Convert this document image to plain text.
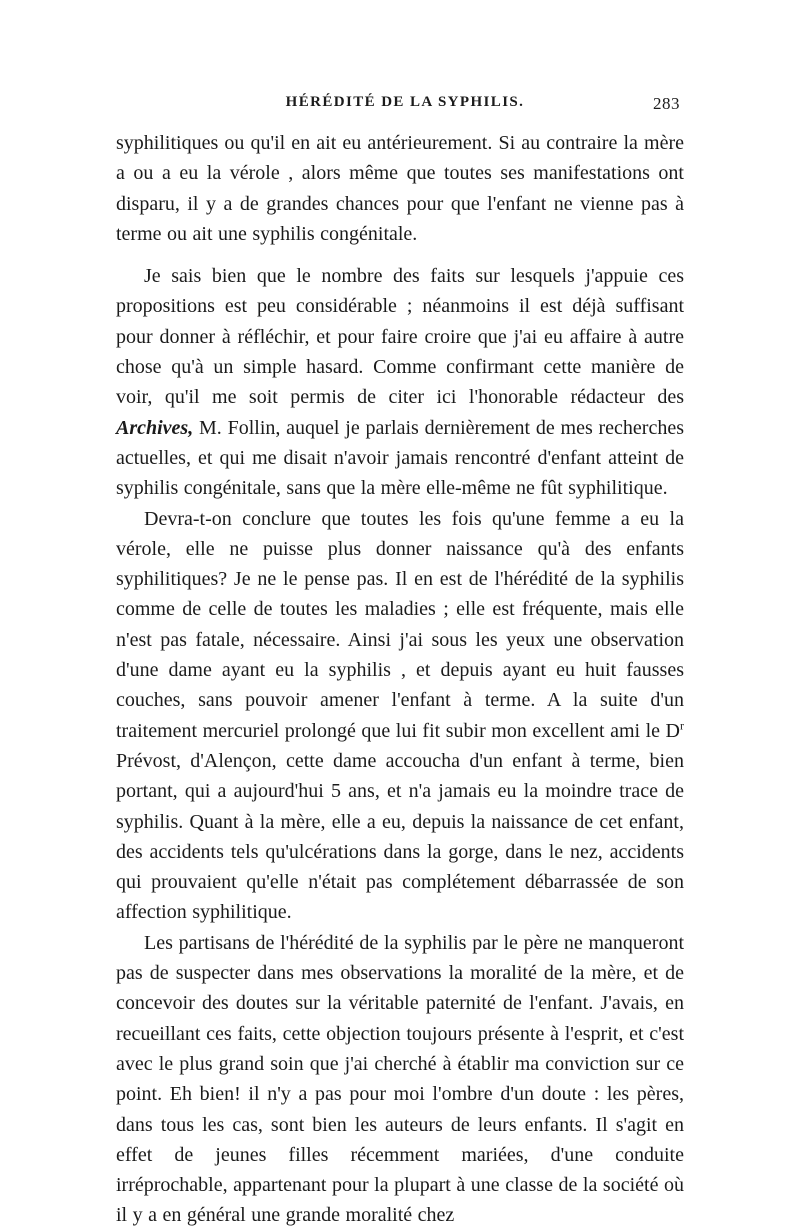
HÉRÉDITÉ DE LA SYPHILIS.	283

syphilitiques ou qu'il en ait eu antérieurement. Si au contraire la mère a ou a eu la vérole , alors même que toutes ses manifestations ont disparu, il y a de grandes chances pour que l'enfant ne vienne pas à terme ou ait une syphilis congénitale.

Je sais bien que le nombre des faits sur lesquels j'appuie ces propositions est peu considérable ; néanmoins il est déjà suffisant pour donner à réfléchir, et pour faire croire que j'ai eu affaire à autre chose qu'à un simple hasard. Comme confirmant cette manière de voir, qu'il me soit permis de citer ici l'honorable rédacteur des Archives, M. Follin, auquel je parlais dernièrement de mes recherches actuelles, et qui me disait n'avoir jamais rencontré d'enfant atteint de syphilis congénitale, sans que la mère elle-même ne fût syphilitique.

Devra-t-on conclure que toutes les fois qu'une femme a eu la vérole, elle ne puisse plus donner naissance qu'à des enfants syphilitiques? Je ne le pense pas. Il en est de l'hérédité de la syphilis comme de celle de toutes les maladies ; elle est fréquente, mais elle n'est pas fatale, nécessaire. Ainsi j'ai sous les yeux une observation d'une dame ayant eu la syphilis , et depuis ayant eu huit fausses couches, sans pouvoir amener l'enfant à terme. A la suite d'un traitement mercuriel prolongé que lui fit subir mon excellent ami le $D^r$ Prévost, d'Alençon, cette dame accoucha d'un enfant à terme, bien portant, qui a aujourd'hui 5 ans, et n'a jamais eu la moindre trace de syphilis. Quant à la mère, elle a eu, depuis la naissance de cet enfant, des accidents tels qu'ulcérations dans la gorge, dans le nez, accidents qui prouvaient qu'elle n'était pas complétement débarrassée de son affection syphilitique.

Les partisans de l'hérédité de la syphilis par le père ne manqueront pas de suspecter dans mes observations la moralité de la mère, et de concevoir des doutes sur la véritable paternité de l'enfant. J'avais, en recueillant ces faits, cette objection toujours présente à l'esprit, et c'est avec le plus grand soin que j'ai cherché à établir ma conviction sur ce point. Eh bien! il n'y a pas pour moi l'ombre d'un doute : les pères, dans tous les cas, sont bien les auteurs de leurs enfants. Il s'agit en effet de jeunes filles récemment mariées, d'une conduite irréprochable, appartenant pour la plupart à une classe de la société où il y a en général une grande moralité chez
